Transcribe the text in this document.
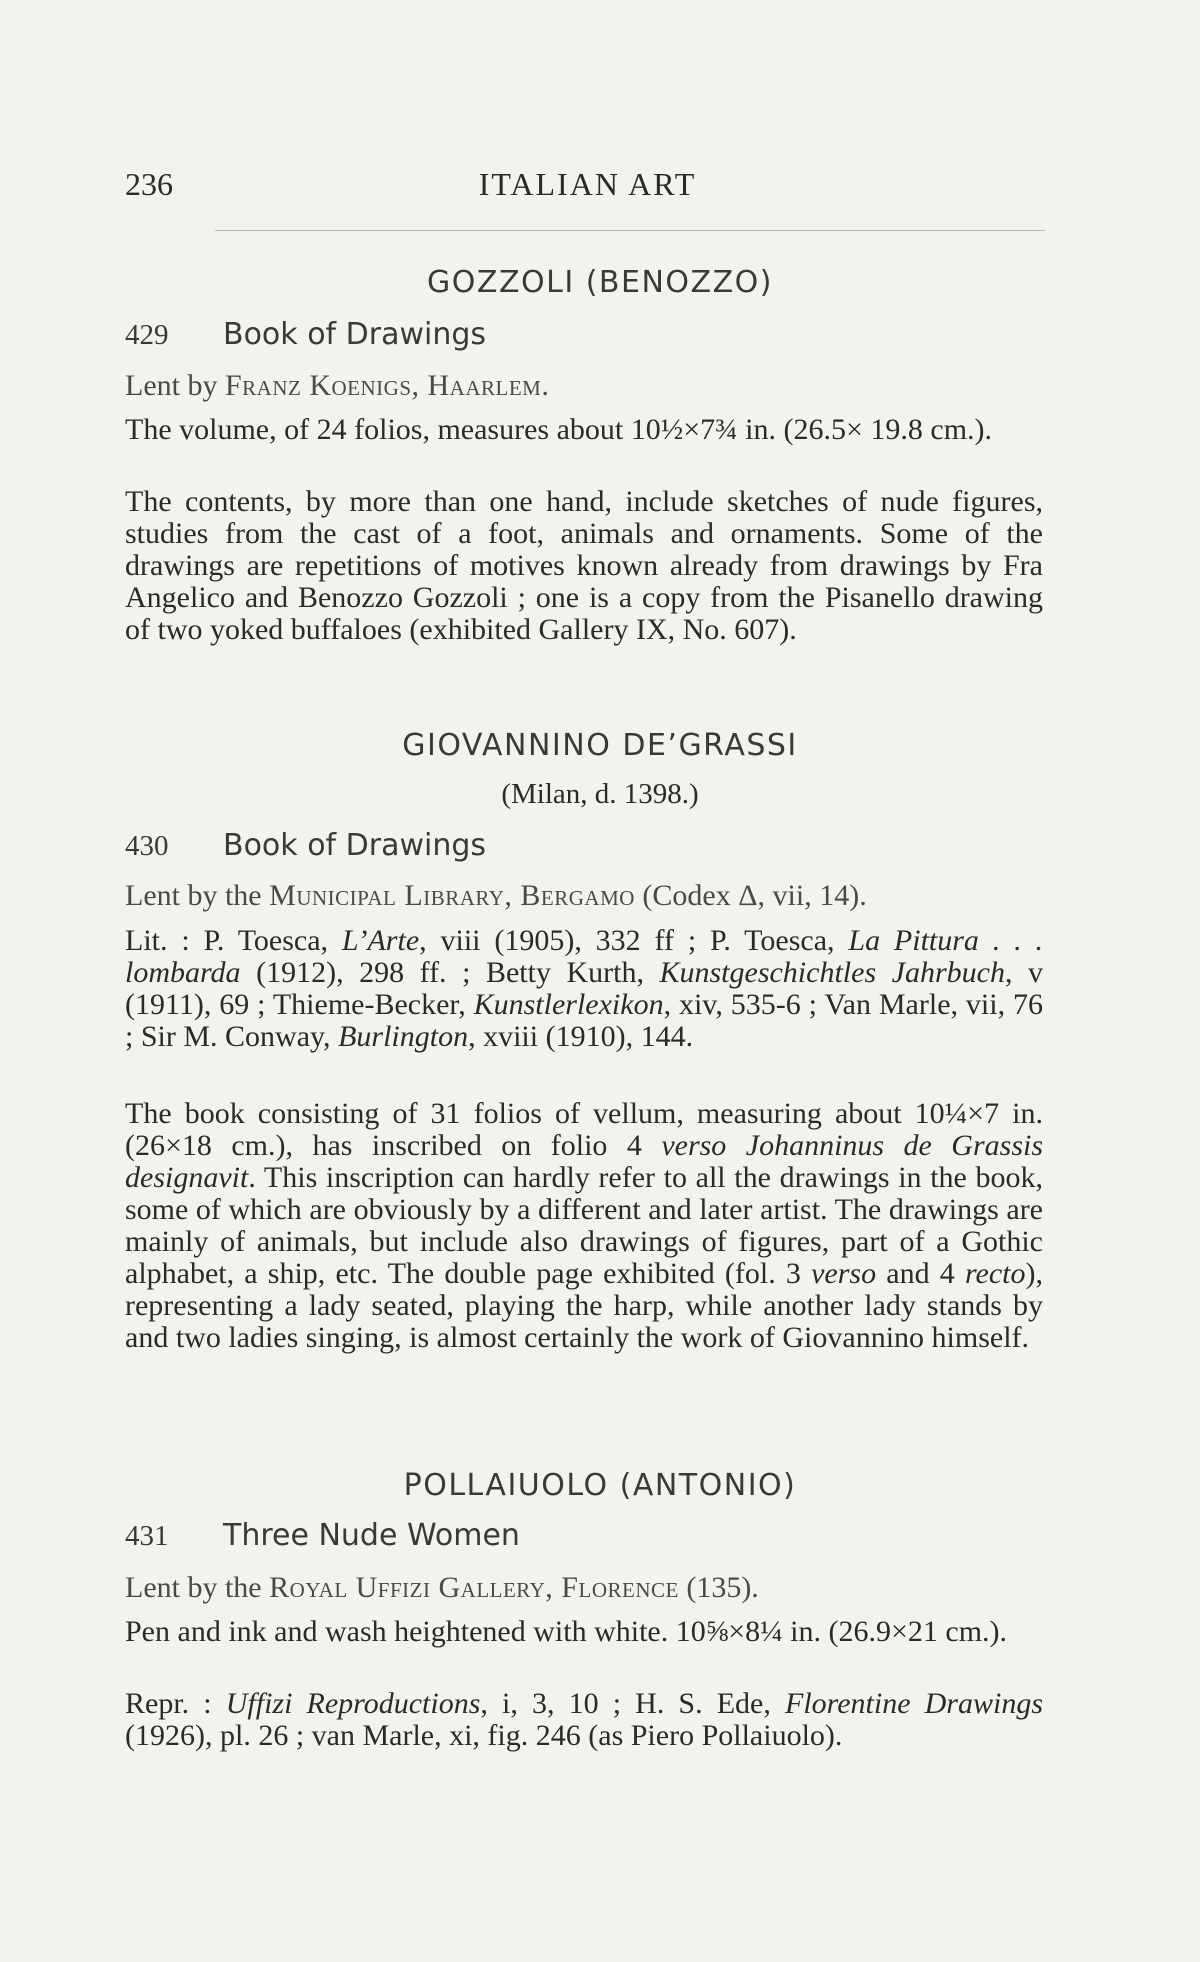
236	ITALIAN ART
GOZZOLI (BENOZZO)
429 Book of Drawings
Lent by Franz Koenigs, Haarlem.
The volume, of 24 folios, measures about 10½×7¾ in. (26.5× 19.8 cm.).
The contents, by more than one hand, include sketches of nude figures, studies from the cast of a foot, animals and ornaments. Some of the drawings are repetitions of motives known already from drawings by Fra Angelico and Benozzo Gozzoli ; one is a copy from the Pisanello drawing of two yoked buffaloes (exhibited Gallery IX, No. 607).
GIOVANNINO DE’GRASSI
(Milan, d. 1398.)
430 Book of Drawings
Lent by the Municipal Library, Bergamo (Codex Δ, vii, 14).
Lit. : P. Toesca, L’Arte, viii (1905), 332 ff ; P. Toesca, La Pittura . . . lombarda (1912), 298 ff. ; Betty Kurth, Kunstgeschichtles Jahrbuch, v (1911), 69 ; Thieme-Becker, Kunstlerlexikon, xiv, 535-6 ; Van Marle, vii, 76 ; Sir M. Conway, Burlington, xviii (1910), 144.
The book consisting of 31 folios of vellum, measuring about 10¼×7 in. (26×18 cm.), has inscribed on folio 4 verso Johanninus de Grassis designavit. This inscription can hardly refer to all the drawings in the book, some of which are obviously by a different and later artist. The drawings are mainly of animals, but include also drawings of figures, part of a Gothic alphabet, a ship, etc. The double page exhibited (fol. 3 verso and 4 recto), representing a lady seated, playing the harp, while another lady stands by and two ladies singing, is almost certainly the work of Giovannino himself.
POLLAIUOLO (ANTONIO)
431 Three Nude Women
Lent by the Royal Uffizi Gallery, Florence (135).
Pen and ink and wash heightened with white. 10⅝×8¼ in. (26.9×21 cm.).
Repr. : Uffizi Reproductions, i, 3, 10 ; H. S. Ede, Florentine Drawings (1926), pl. 26 ; van Marle, xi, fig. 246 (as Piero Pollaiuolo).
